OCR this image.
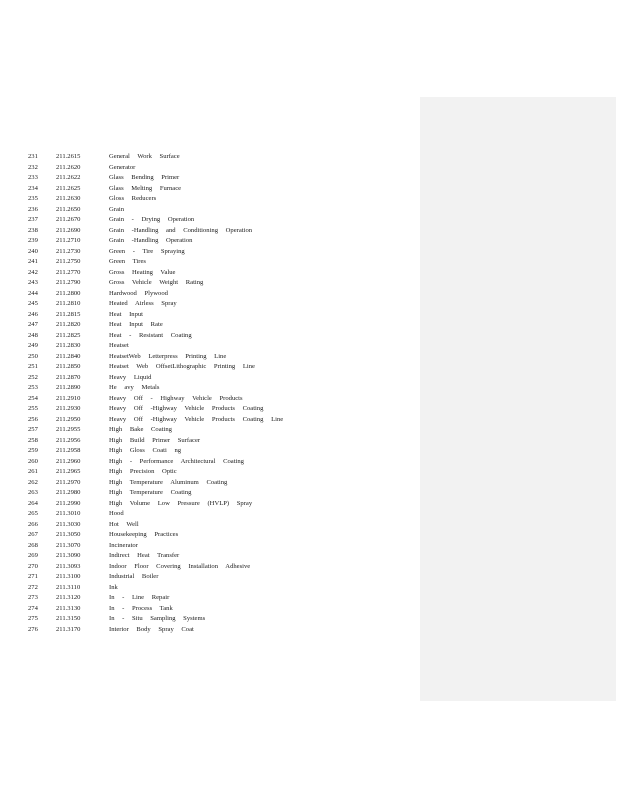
231	211.2615	General Work Surface
232	211.2620	Generator
233	211.2622	Glass Bending Primer
234	211.2625	Glass Melting Furnace
235	211.2630	Gloss Reducers
236	211.2650	Grain
237	211.2670	Grain - Drying Operation
238	211.2690	Grain -Handling and Conditioning Operation
239	211.2710	Grain -Handling Operation
240	211.2730	Green - Tire Spraying
241	211.2750	Green Tires
242	211.2770	Gross Heating Value
243	211.2790	Gross Vehicle Weight Rating
244	211.2800	Hardwood Plywood
245	211.2810	Heated Airless Spray
246	211.2815	Heat Input
247	211.2820	Heat Input Rate
248	211.2825	Heat - Resistant Coating
249	211.2830	Heatset
250	211.2840	HeatsetWeb Letterpress Printing Line
251	211.2850	Heatset Web OffsetLithographic Printing Line
252	211.2870	Heavy Liquid
253	211.2890	He avy Metals
254	211.2910	Heavy Off - Highway Vehicle Products
255	211.2930	Heavy Off -Highway Vehicle Products Coating
256	211.2950	Heavy Off -Highway Vehicle Products Coating Line
257	211.2955	High Bake Coating
258	211.2956	High Build Primer Surfacer
259	211.2958	High Gloss Coati ng
260	211.2960	High - Performance Architectural Coating
261	211.2965	High Precision Optic
262	211.2970	High Temperature Aluminum Coating
263	211.2980	High Temperature Coating
264	211.2990	High Volume Low Pressure (HVLP) Spray
265	211.3010	Hood
266	211.3030	Hot Well
267	211.3050	Housekeeping Practices
268	211.3070	Incinerator
269	211.3090	Indirect Heat Transfer
270	211.3093	Indoor Floor Covering Installation Adhesive
271	211.3100	Industrial Boiler
272	211.3110	Ink
273	211.3120	In - Line Repair
274	211.3130	In - Process Tank
275	211.3150	In - Situ Sampling Systems
276	211.3170	Interior Body Spray Coat
